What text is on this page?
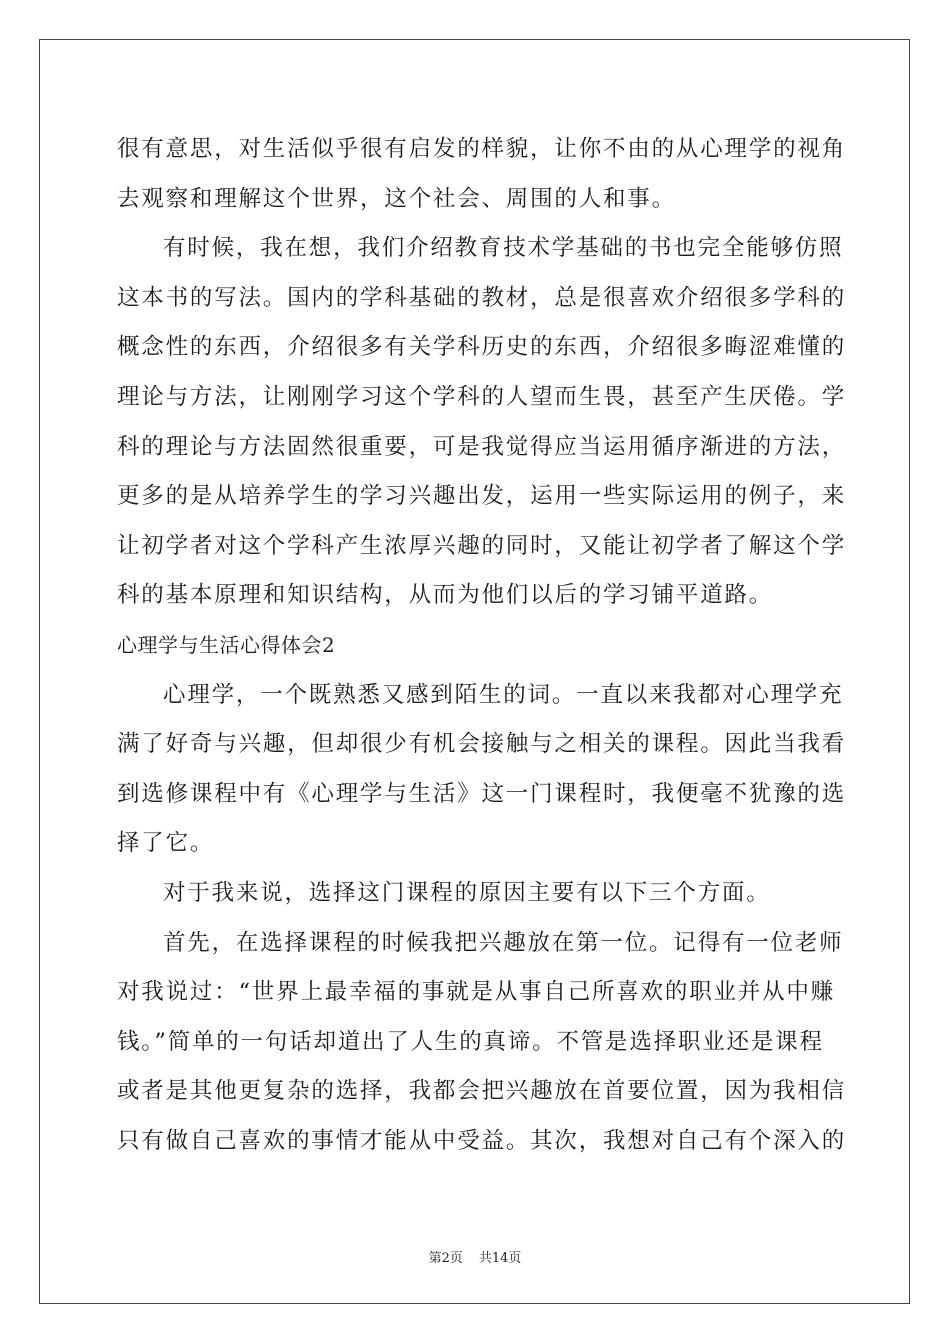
很有意思，对生活似乎很有启发的样貌，让你不由的从心理学的视角
去观察和理解这个世界，这个社会、周围的人和事。
有时候，我在想，我们介绍教育技术学基础的书也完全能够仿照
这本书的写法。国内的学科基础的教材，总是很喜欢介绍很多学科的
概念性的东西，介绍很多有关学科历史的东西，介绍很多晦涩难懂的
理论与方法，让刚刚学习这个学科的人望而生畏，甚至产生厌倦。学
科的理论与方法固然很重要，可是我觉得应当运用循序渐进的方法，
更多的是从培养学生的学习兴趣出发，运用一些实际运用的例子，来
让初学者对这个学科产生浓厚兴趣的同时，又能让初学者了解这个学
科的基本原理和知识结构，从而为他们以后的学习铺平道路。
心理学与生活心得体会2
心理学，一个既熟悉又感到陌生的词。一直以来我都对心理学充
满了好奇与兴趣，但却很少有机会接触与之相关的课程。因此当我看
到选修课程中有《心理学与生活》这一门课程时，我便毫不犹豫的选
择了它。
对于我来说，选择这门课程的原因主要有以下三个方面。
首先，在选择课程的时候我把兴趣放在第一位。记得有一位老师
对我说过：“世界上最幸福的事就是从事自己所喜欢的职业并从中赚
钱。”简单的一句话却道出了人生的真谛。不管是选择职业还是课程
或者是其他更复杂的选择，我都会把兴趣放在首要位置，因为我相信
只有做自己喜欢的事情才能从中受益。其次，我想对自己有个深入的
第2页 共14页
